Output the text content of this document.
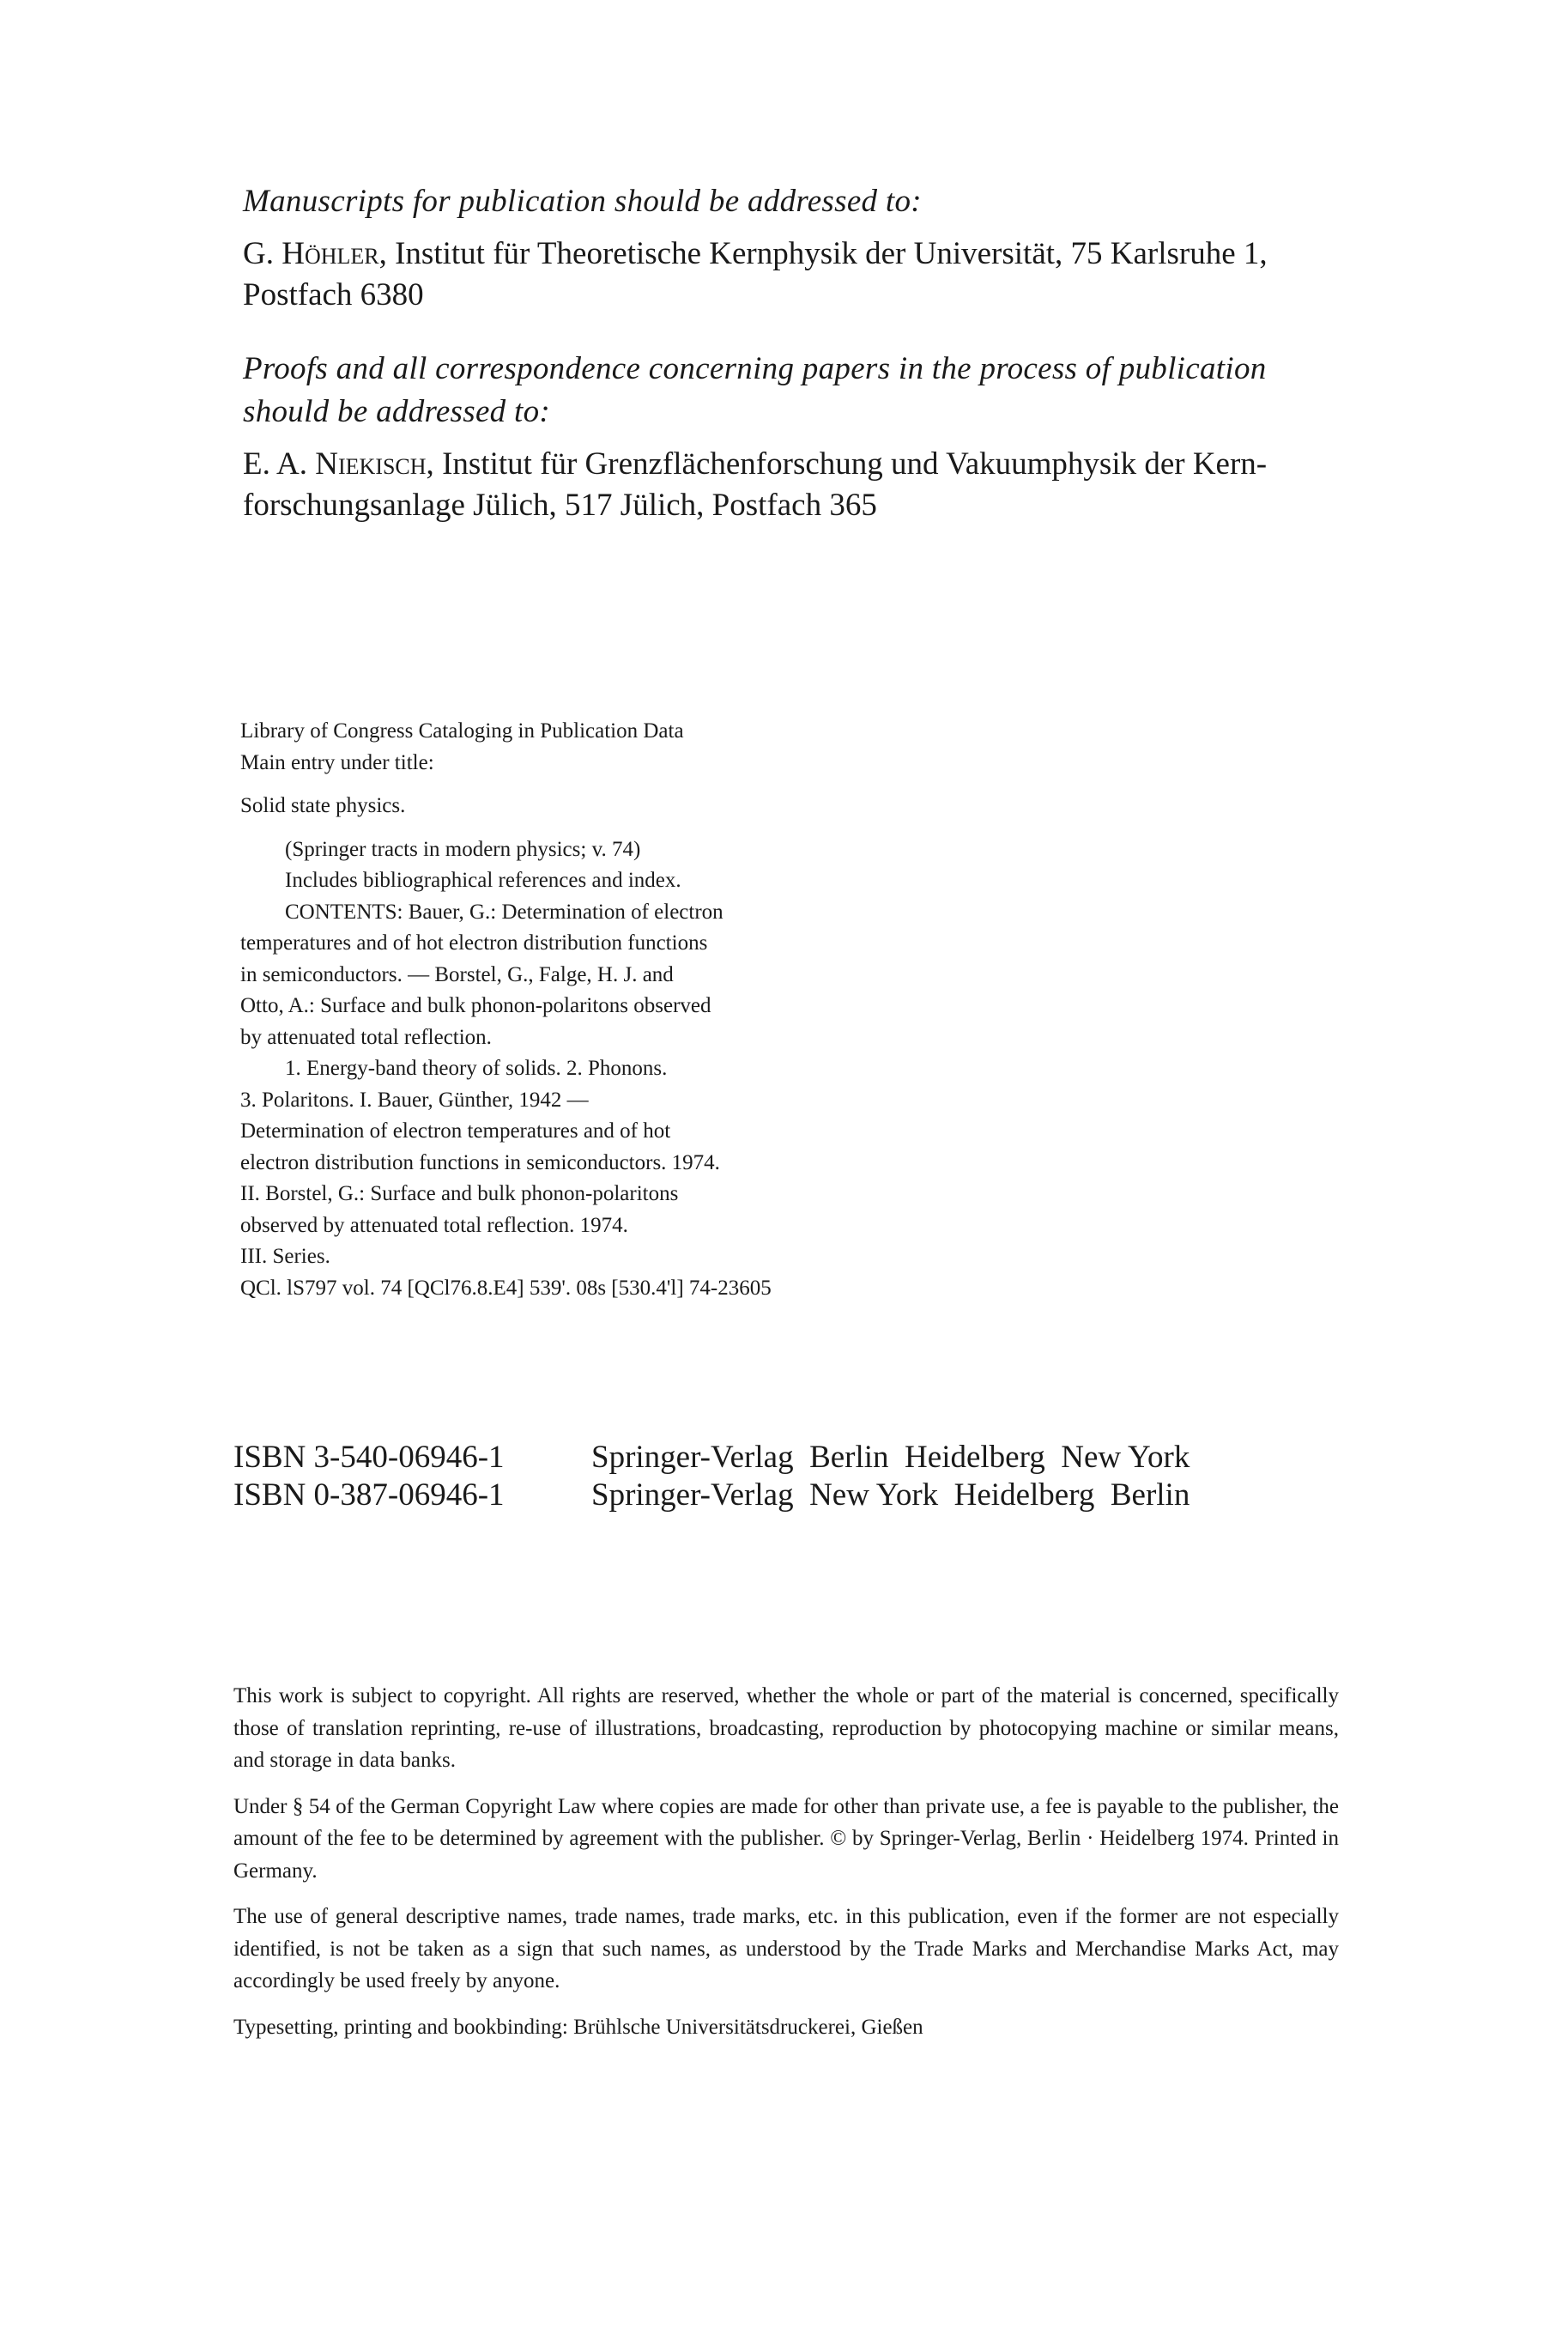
Manuscripts for publication should be addressed to:
G. Höhler, Institut für Theoretische Kernphysik der Universität, 75 Karlsruhe 1,
Postfach 6380
Proofs and all correspondence concerning papers in the process of publication
should be addressed to:
E. A. Niekisch, Institut für Grenzflächenforschung und Vakuumphysik der Kern-
forschungsanlage Jülich, 517 Jülich, Postfach 365

Library of Congress Cataloging in Publication Data

Main entry under title:

Solid state physics.

(Springer tracts in modern physics; v. 74)

Includes bibliographical references and index.

CONTENTS: Bauer, G.: Determination of electron

temperatures and of hot electron distribution functions

in semiconductors. — Borstel, G., Falge, H. J. and

Otto, A.: Surface and bulk phonon-polaritons observed

by attenuated total reflection.

1. Energy-band theory of solids. 2. Phonons.

3. Polaritons. I. Bauer, Günther, 1942 —

Determination of electron temperatures and of hot

electron distribution functions in semiconductors. 1974.

II. Borstel, G.: Surface and bulk phonon-polaritons

observed by attenuated total reflection. 1974.

III. Series.

QCl. lS797 vol. 74 [QCl76.8.E4] 539'. 08s [530.4'l] 74-23605

ISBN 3-540-06946-1	Springer-Verlag  Berlin  Heidelberg  New York
ISBN 0-387-06946-1	Springer-Verlag  New York  Heidelberg  Berlin

This work is subject to copyright. All rights are reserved, whether the whole or part of the material is concerned, specifically those of translation reprinting, re-use of illustrations, broadcasting, reproduction by photocopying machine or similar means, and storage in data banks.

Under § 54 of the German Copyright Law where copies are made for other than private use, a fee is payable to the publisher, the amount of the fee to be determined by agreement with the publisher. © by Springer-Verlag, Berlin · Heidelberg 1974. Printed in Germany.

The use of general descriptive names, trade names, trade marks, etc. in this publication, even if the former are not especially identified, is not be taken as a sign that such names, as understood by the Trade Marks and Merchandise Marks Act, may accordingly be used freely by anyone.

Typesetting, printing and bookbinding: Brühlsche Universitätsdruckerei, Gießen
